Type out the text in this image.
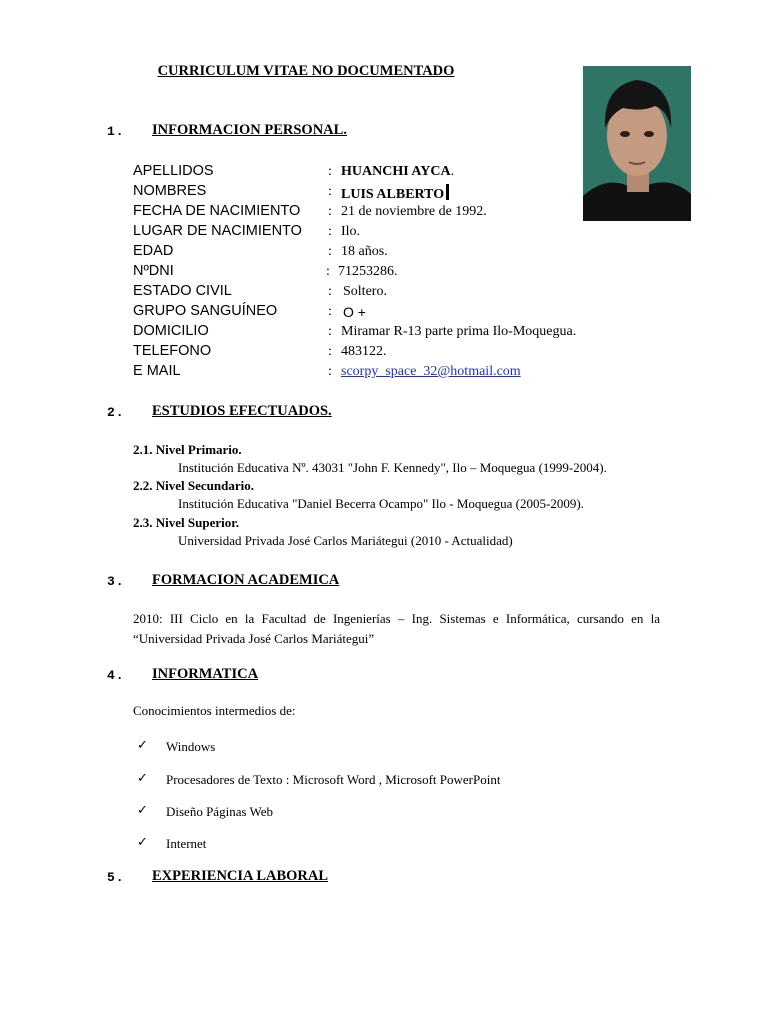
CURRICULUM VITAE NO DOCUMENTADO
1. INFORMACION PERSONAL.
APELLIDOS	: HUANCHI AYCA.
NOMBRES	: LUIS ALBERTO
FECHA DE NACIMIENTO : 21 de noviembre de 1992.
LUGAR DE NACIMIENTO : Ilo.
EDAD	: 18 años.
NºDNI	: 71253286.
ESTADO CIVIL	: Soltero.
GRUPO SANGUÍNEO	: O +
DOMICILIO	: Miramar R-13 parte prima Ilo-Moquegua.
TELEFONO	: 483122.
E MAIL	: scorpy_space_32@hotmail.com
2. ESTUDIOS EFECTUADOS.
2.1. Nivel Primario.
Institución Educativa Nº. 43031 "John F. Kennedy", Ilo – Moquegua (1999-2004).
2.2. Nivel Secundario.
Institución Educativa "Daniel Becerra Ocampo" Ilo - Moquegua (2005-2009).
2.3. Nivel Superior.
Universidad Privada José Carlos Mariátegui (2010 - Actualidad)
3. FORMACION ACADEMICA
2010: III Ciclo en la Facultad de Ingenierías – Ing. Sistemas e Informática, cursando en la “Universidad Privada José Carlos Mariátegui”
4. INFORMATICA
Conocimientos intermedios de:
✓ Windows
✓ Procesadores de Texto : Microsoft Word , Microsoft PowerPoint
✓ Diseño Páginas Web
✓ Internet
5. EXPERIENCIA LABORAL
